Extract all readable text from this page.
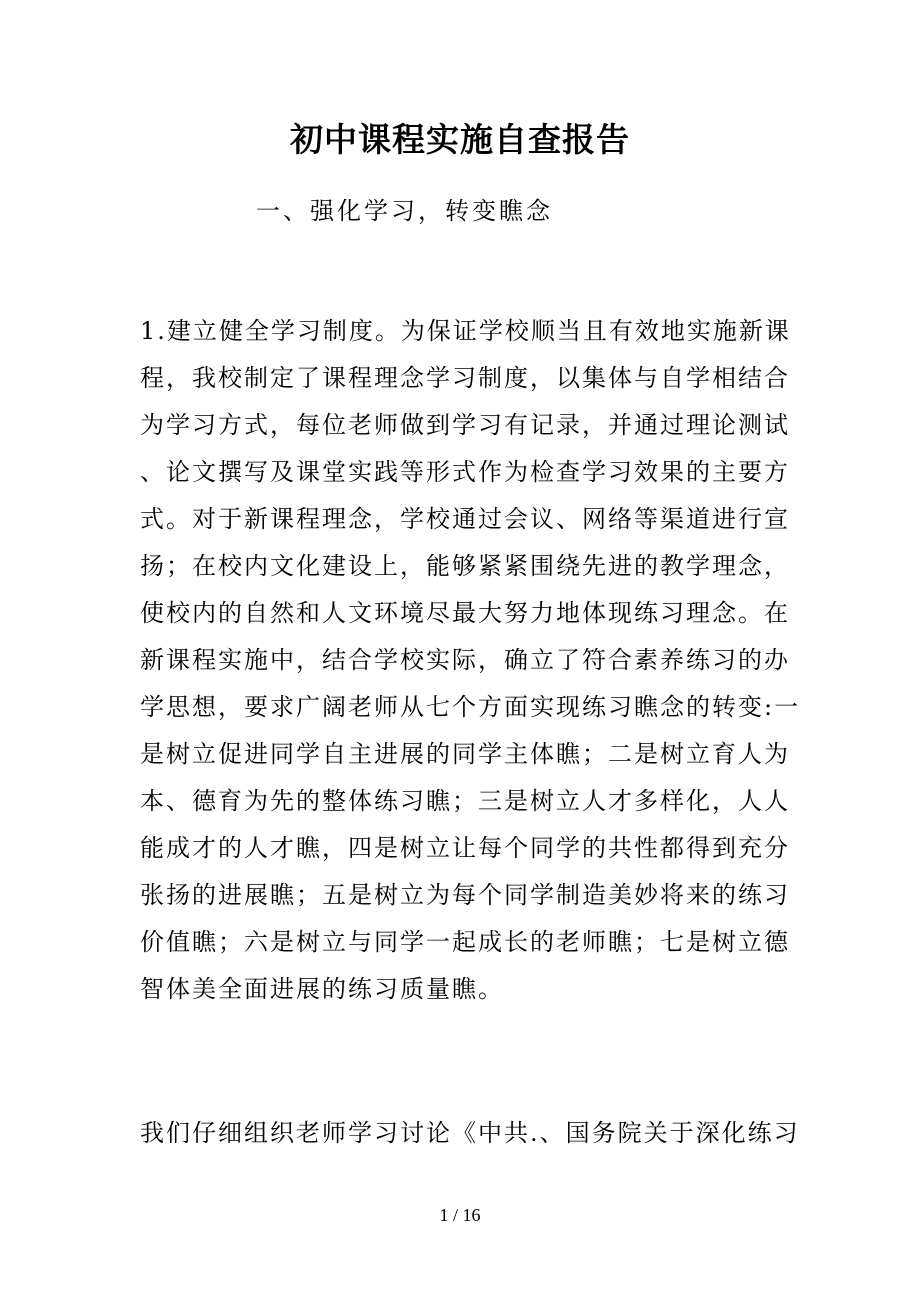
初中课程实施自查报告
一、强化学习，转变瞧念
1.建立健全学习制度。为保证学校顺当且有效地实施新课
程，我校制定了课程理念学习制度，以集体与自学相结合
为学习方式，每位老师做到学习有记录，并通过理论测试
、论文撰写及课堂实践等形式作为检查学习效果的主要方
式。对于新课程理念，学校通过会议、网络等渠道进行宣
扬；在校内文化建设上，能够紧紧围绕先进的教学理念，
使校内的自然和人文环境尽最大努力地体现练习理念。在
新课程实施中，结合学校实际，确立了符合素养练习的办
学思想，要求广阔老师从七个方面实现练习瞧念的转变:一
是树立促进同学自主进展的同学主体瞧；二是树立育人为
本、德育为先的整体练习瞧；三是树立人才多样化，人人
能成才的人才瞧，四是树立让每个同学的共性都得到充分
张扬的进展瞧；五是树立为每个同学制造美妙将来的练习
价值瞧；六是树立与同学一起成长的老师瞧；七是树立德
智体美全面进展的练习质量瞧。
我们仔细组织老师学习讨论《中共.、国务院关于深化练习
1 / 16
